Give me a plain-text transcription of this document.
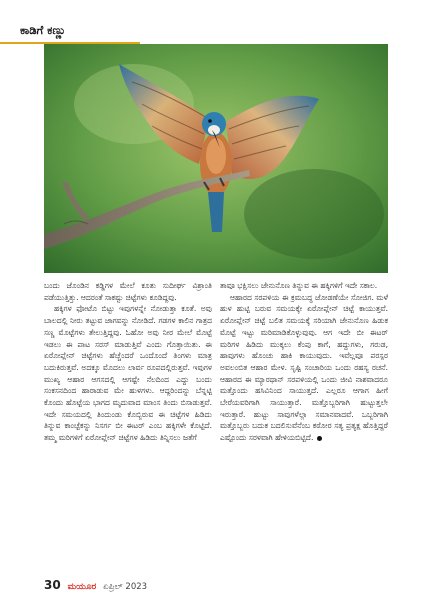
ಕಾಡಿಗೆ ಕಣ್ಣು

ಬಂದು ಜೊಂಡಿನ ಕಡ್ಡಿಗಳ ಮೇಲೆ ಕೂತು ಸುದೀರ್ಘ ವಿಶ್ರಾಂತಿ ಪಡೆಯುತ್ತಿತ್ತು. ಆದರಂತೆ ಸಾಕಷ್ಟು ಚಿಟ್ಟೆಗಳು ಕೂಡಿದ್ದವು.

ಹಕ್ಕಿಗಳ ಫೋಟೊ ಬಿಟ್ಟು ಇವುಗಳನ್ನೇ ನೋಡುತ್ತಾ ಕೂತೆ. ಅವು ಬಾಲದಲ್ಲಿ ನೀರು ತಟ್ಟುವ ಜಾಗವನ್ನು ನೋಡಿದೆ. ಗಡಗಳ ಕಾಲಿನ ಗಾತ್ರದ ಸಣ್ಣ ಮೊಟ್ಟೆಗಳು ತೇಲುತ್ತಿದ್ದವು. ಓಹೋ ಅವು ನೀರ ಮೇಲೆ ಮೊಟ್ಟೆ ಇಡಲು ಈ ಪಾಟ ಸರಸ್ ಮಾಡುತ್ತಿವೆ ಎಂದು ಗೊತ್ತಾಯಿತು. ಈ ಏರೋಪ್ಲೇನ್ ಚಿಟ್ಟೆಗಳು ಹೆಚ್ಚೆಂದರೆ ಒಂದೊಂದೆ ತಿಂಗಳು ಮಾತ್ರ ಬದುಕಿರುತ್ತವೆ. ಅದಕ್ಕೂ ಮೊದಲು ಲಾರ್ವ ರೂಪದಲ್ಲಿರುತ್ತವೆ. ಇವುಗಳ ಮುಖ್ಯ ಆಹಾರ ಆಗಸದಲ್ಲಿ ಆಗಷ್ಟೇ ನೆಲದಿಂದ ಎದ್ದು ಬಂದು ಸಂಕಸನದಿಂದ ಹಾರಾಡುವ ಮೇ ಹುಳಗಳು. ಆದ್ದರಿಂದನ್ನು ಬೆನ್ನಟ್ಟಿ ಕೊಂದು ಹೊಟ್ಟೆಯ ಭಾಗದ ಮೃದುವಾದ ಮಾಂಸ ತಿಂದು ಬಿಸಾಡುತ್ತವೆ. ಇದೇ ಸಮಯದಲ್ಲಿ ತಿಂದುಂಡು ಕೊಬ್ಬಿರುವ ಈ ಚಿಟ್ಟೆಗಳ ಹಿಡಿದು ತಿನ್ನುವ ಕಾಂಚ್ಟೆಕನ್ನು ನಿಸರ್ಗ ಬೀ ಈಟರ್ ಎಂಬ ಹಕ್ಕಿಗಳೇ ಕೊಟ್ಟಿದೆ. ತಮ್ಮ ಮರಿಗಳಿಗೆ ಏರೋಪ್ಲೇನ್ ಚಿಟ್ಟೆಗಳ ಹಿಡಿದು ತಿನ್ನಿಸಲು ಜತೆಗೆ

ತಾವೂ ಭಕ್ಷಿಸಲು ಜೇನುನೊಣ ತಿನ್ನುವ ಈ ಹಕ್ಕಿಗಳಿಗೆ ಇದೇ ಸಕಾಲ.

ಆಹಾರದ ಸರಪಳಿಯ ಈ ಕ್ರಮಬದ್ಧ ಜೋಡಣೆಯೇ ಸೋಜಿಗ. ಮಳೆ ಹುಳ ಹುಟ್ಟಿ ಬರುವ ಸಮಯಕ್ಕೇ ಏರೋಪ್ಲೇನ್ ಚಿಟ್ಟೆ ಕಾಯುತ್ತವೆ. ಏರೋಪ್ಲೇನ್ ಚಿಟ್ಟೆ ಬಲಿತ ಸಮಯಕ್ಕೆ ಸರಿಯಾಗಿ ಜೇನುನೊಣ ಹಿಡುಕ ಮೊಟ್ಟೆ ಇಟ್ಟು ಮರಿಮಾಡಿಕೊಳ್ಳುವುವು. ಆಗ ಇದೇ ಬೀ ಈಟರ್ ಮರಿಗಳ ಹಿಡಿದು ಮುಕ್ಕಲು ಕೆಂಪು ಕಾಗೆ, ಹದ್ದುಗಳು, ಗರುಡ, ಹಾವುಗಳು ಹೊಂಚು ಹಾಕಿ ಕಾಯುವುದು. ಇವೆಲ್ಲವೂ ಪರಸ್ಪರ ಅವಲಂಬಿತ ಆಹಾರ ಮೇಳ. ಸೃಷ್ಟಿ ಸಂಚಾರಿಯ ಒಂದು ರಹಸ್ಯ ರಚನೆ. ಆಹಾರದ ಈ ಮ್ಯಾರಥಾನ್ ಸರಪಳಿಯಲ್ಲಿ ಒಂದು ಜೀವಿ ನಾಶವಾದರೂ ಮತ್ತೊಂದು ಹಸಿವಿನಿಂದ ಸಾಯುತ್ತದೆ. ಎಲ್ಲರೂ ಆಗಾಗ ಹೀಗೆ ಬೇರೆಯವರಿಗಾಗಿ ಸಾಯುತ್ತಾರೆ. ಮತ್ತೊಬ್ಬರಿಗಾಗಿ ಹುಟ್ಟುತ್ತಲೇ ಇರುತ್ತಾರೆ. ಹುಟ್ಟು ಸಾವುಗಳೆಲ್ಲಾ ಸಮಾನವಾದವೆ. ಒಬ್ಬರಿಗಾಗಿ ಮತ್ತೊಬ್ಬರು ಬದುಕ ಬದಲಿಸುವೆನೆಂಬ ಕಠೋರ ಸತ್ಯ ಪ್ರತ್ಯಕ್ಷ ಹೊತ್ತಿದ್ದರೆ ಎಷ್ಟೊಂದು ಸರಳವಾಗಿ ಹೇಳಿಯಬಿಟ್ಟಿದೆ.

30 ಮಯೂರ ಏಪ್ರಿಲ್ 2023
